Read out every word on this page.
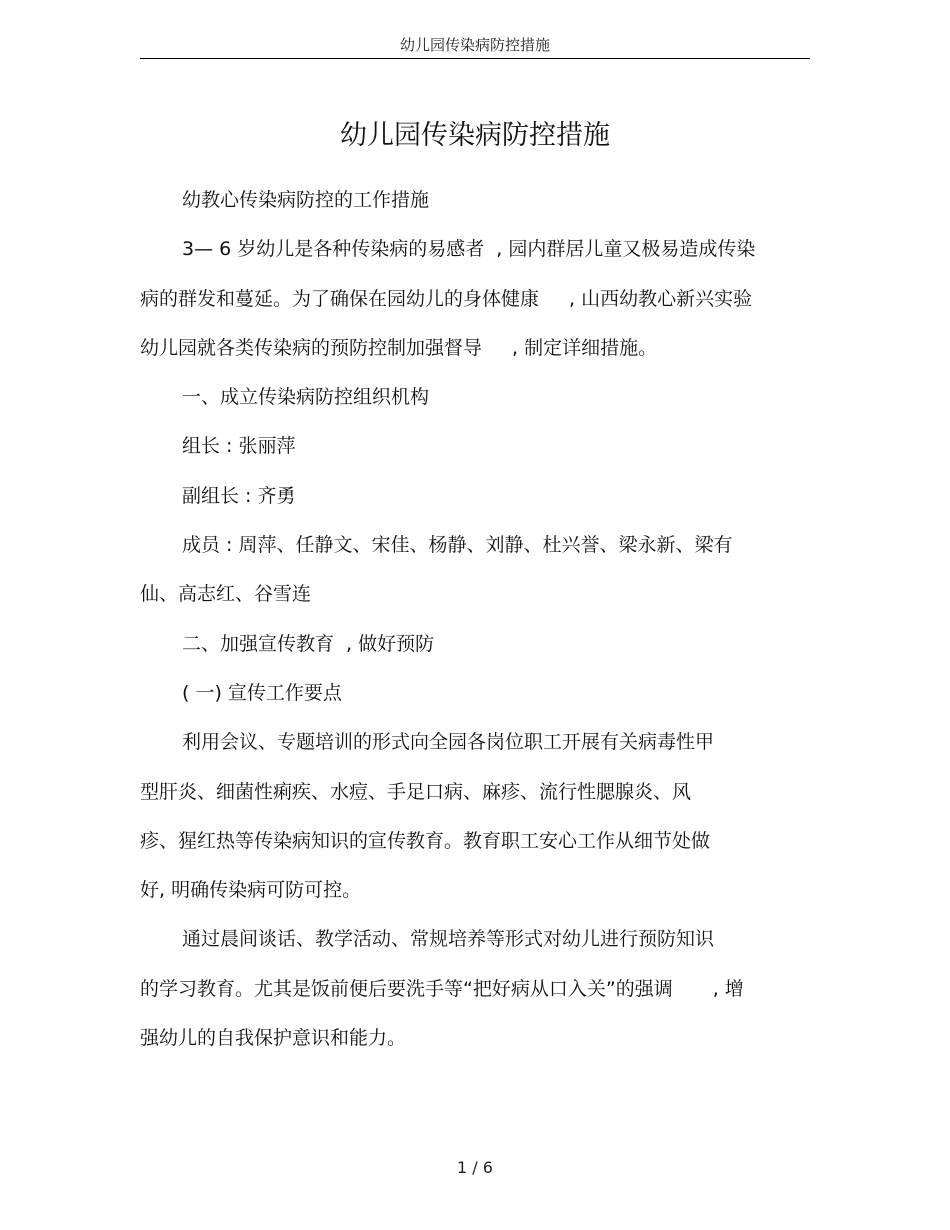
幼儿园传染病防控措施
幼儿园传染病防控措施

幼教心传染病防控的工作措施

3— 6 岁幼儿是各种传染病的易感者 , 园内群居儿童又极易造成传染

病的群发和蔓延。为了确保在园幼儿的身体健康 , 山西幼教心新兴实验

幼儿园就各类传染病的预防控制加强督导 , 制定详细措施。

一、成立传染病防控组织机构

组长 : 张丽萍

副组长 : 齐勇

成员 : 周萍、任静文、宋佳、杨静、刘静、杜兴誉、梁永新、梁有

仙、高志红、谷雪连

二、加强宣传教育 , 做好预防

( 一) 宣传工作要点

利用会议、专题培训的形式向全园各岗位职工开展有关病毒性甲

型肝炎、细菌性痢疾、水痘、手足口病、麻疹、流行性腮腺炎、风

疹、猩红热等传染病知识的宣传教育。教育职工安心工作从细节处做

好, 明确传染病可防可控。

通过晨间谈话、教学活动、常规培养等形式对幼儿进行预防知识

的学习教育。尤其是饭前便后要洗手等“把好病从口入关”的强调 , 增

强幼儿的自我保护意识和能力。

1 / 6
